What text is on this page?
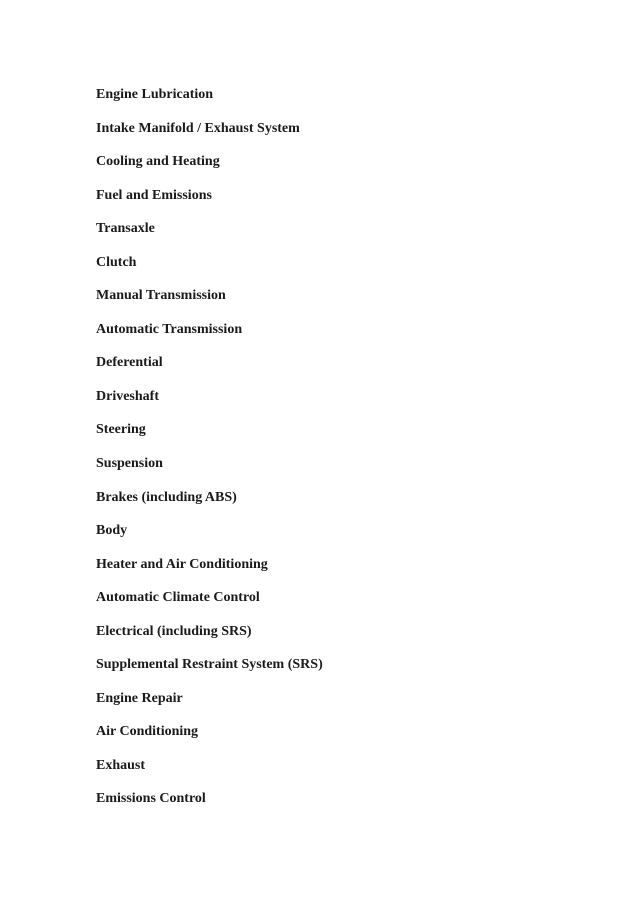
Engine Lubrication
Intake Manifold / Exhaust System
Cooling and Heating
Fuel and Emissions
Transaxle
Clutch
Manual Transmission
Automatic Transmission
Deferential
Driveshaft
Steering
Suspension
Brakes (including ABS)
Body
Heater and Air Conditioning
Automatic Climate Control
Electrical (including SRS)
Supplemental Restraint System (SRS)
Engine Repair
Air Conditioning
Exhaust
Emissions Control
